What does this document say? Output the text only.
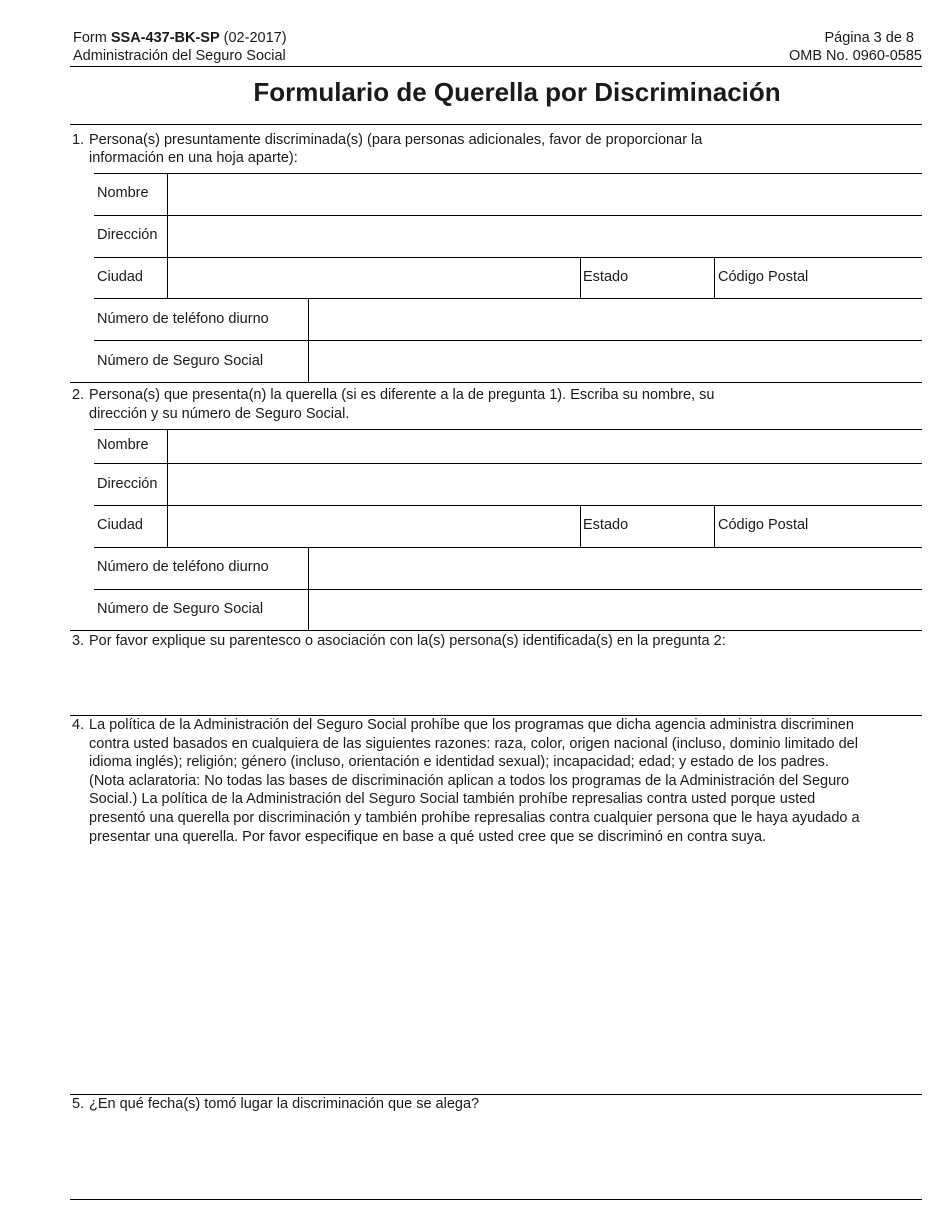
Form SSA-437-BK-SP (02-2017)
Administración del Seguro Social
Página 3 de 8
OMB No. 0960-0585
Formulario de Querella por Discriminación
1. Persona(s) presuntamente discriminada(s) (para personas adicionales, favor de proporcionar la
información en una hoja aparte):
Nombre
Dirección
Ciudad	Estado	Código Postal
Número de teléfono diurno
Número de Seguro Social
2. Persona(s) que presenta(n) la querella (si es diferente a la de pregunta 1). Escriba su nombre, su
dirección y su número de Seguro Social.
Nombre
Dirección
Ciudad	Estado	Código Postal
Número de teléfono diurno
Número de Seguro Social
3. Por favor explique su parentesco o asociación con la(s) persona(s) identificada(s) en la pregunta 2:
4. La política de la Administración del Seguro Social prohíbe que los programas que dicha agencia administra discriminen
contra usted basados en cualquiera de las siguientes razones: raza, color, origen nacional (incluso, dominio limitado del
idioma inglés); religión; género (incluso, orientación e identidad sexual); incapacidad; edad; y estado de los padres.
(Nota aclaratoria: No todas las bases de discriminación aplican a todos los programas de la Administración del Seguro
Social.) La política de la Administración del Seguro Social también prohíbe represalias contra usted porque usted
presentó una querella por discriminación y también prohíbe represalias contra cualquier persona que le haya ayudado a
presentar una querella. Por favor especifique en base a qué usted cree que se discriminó en contra suya.
5. ¿En qué fecha(s) tomó lugar la discriminación que se alega?
